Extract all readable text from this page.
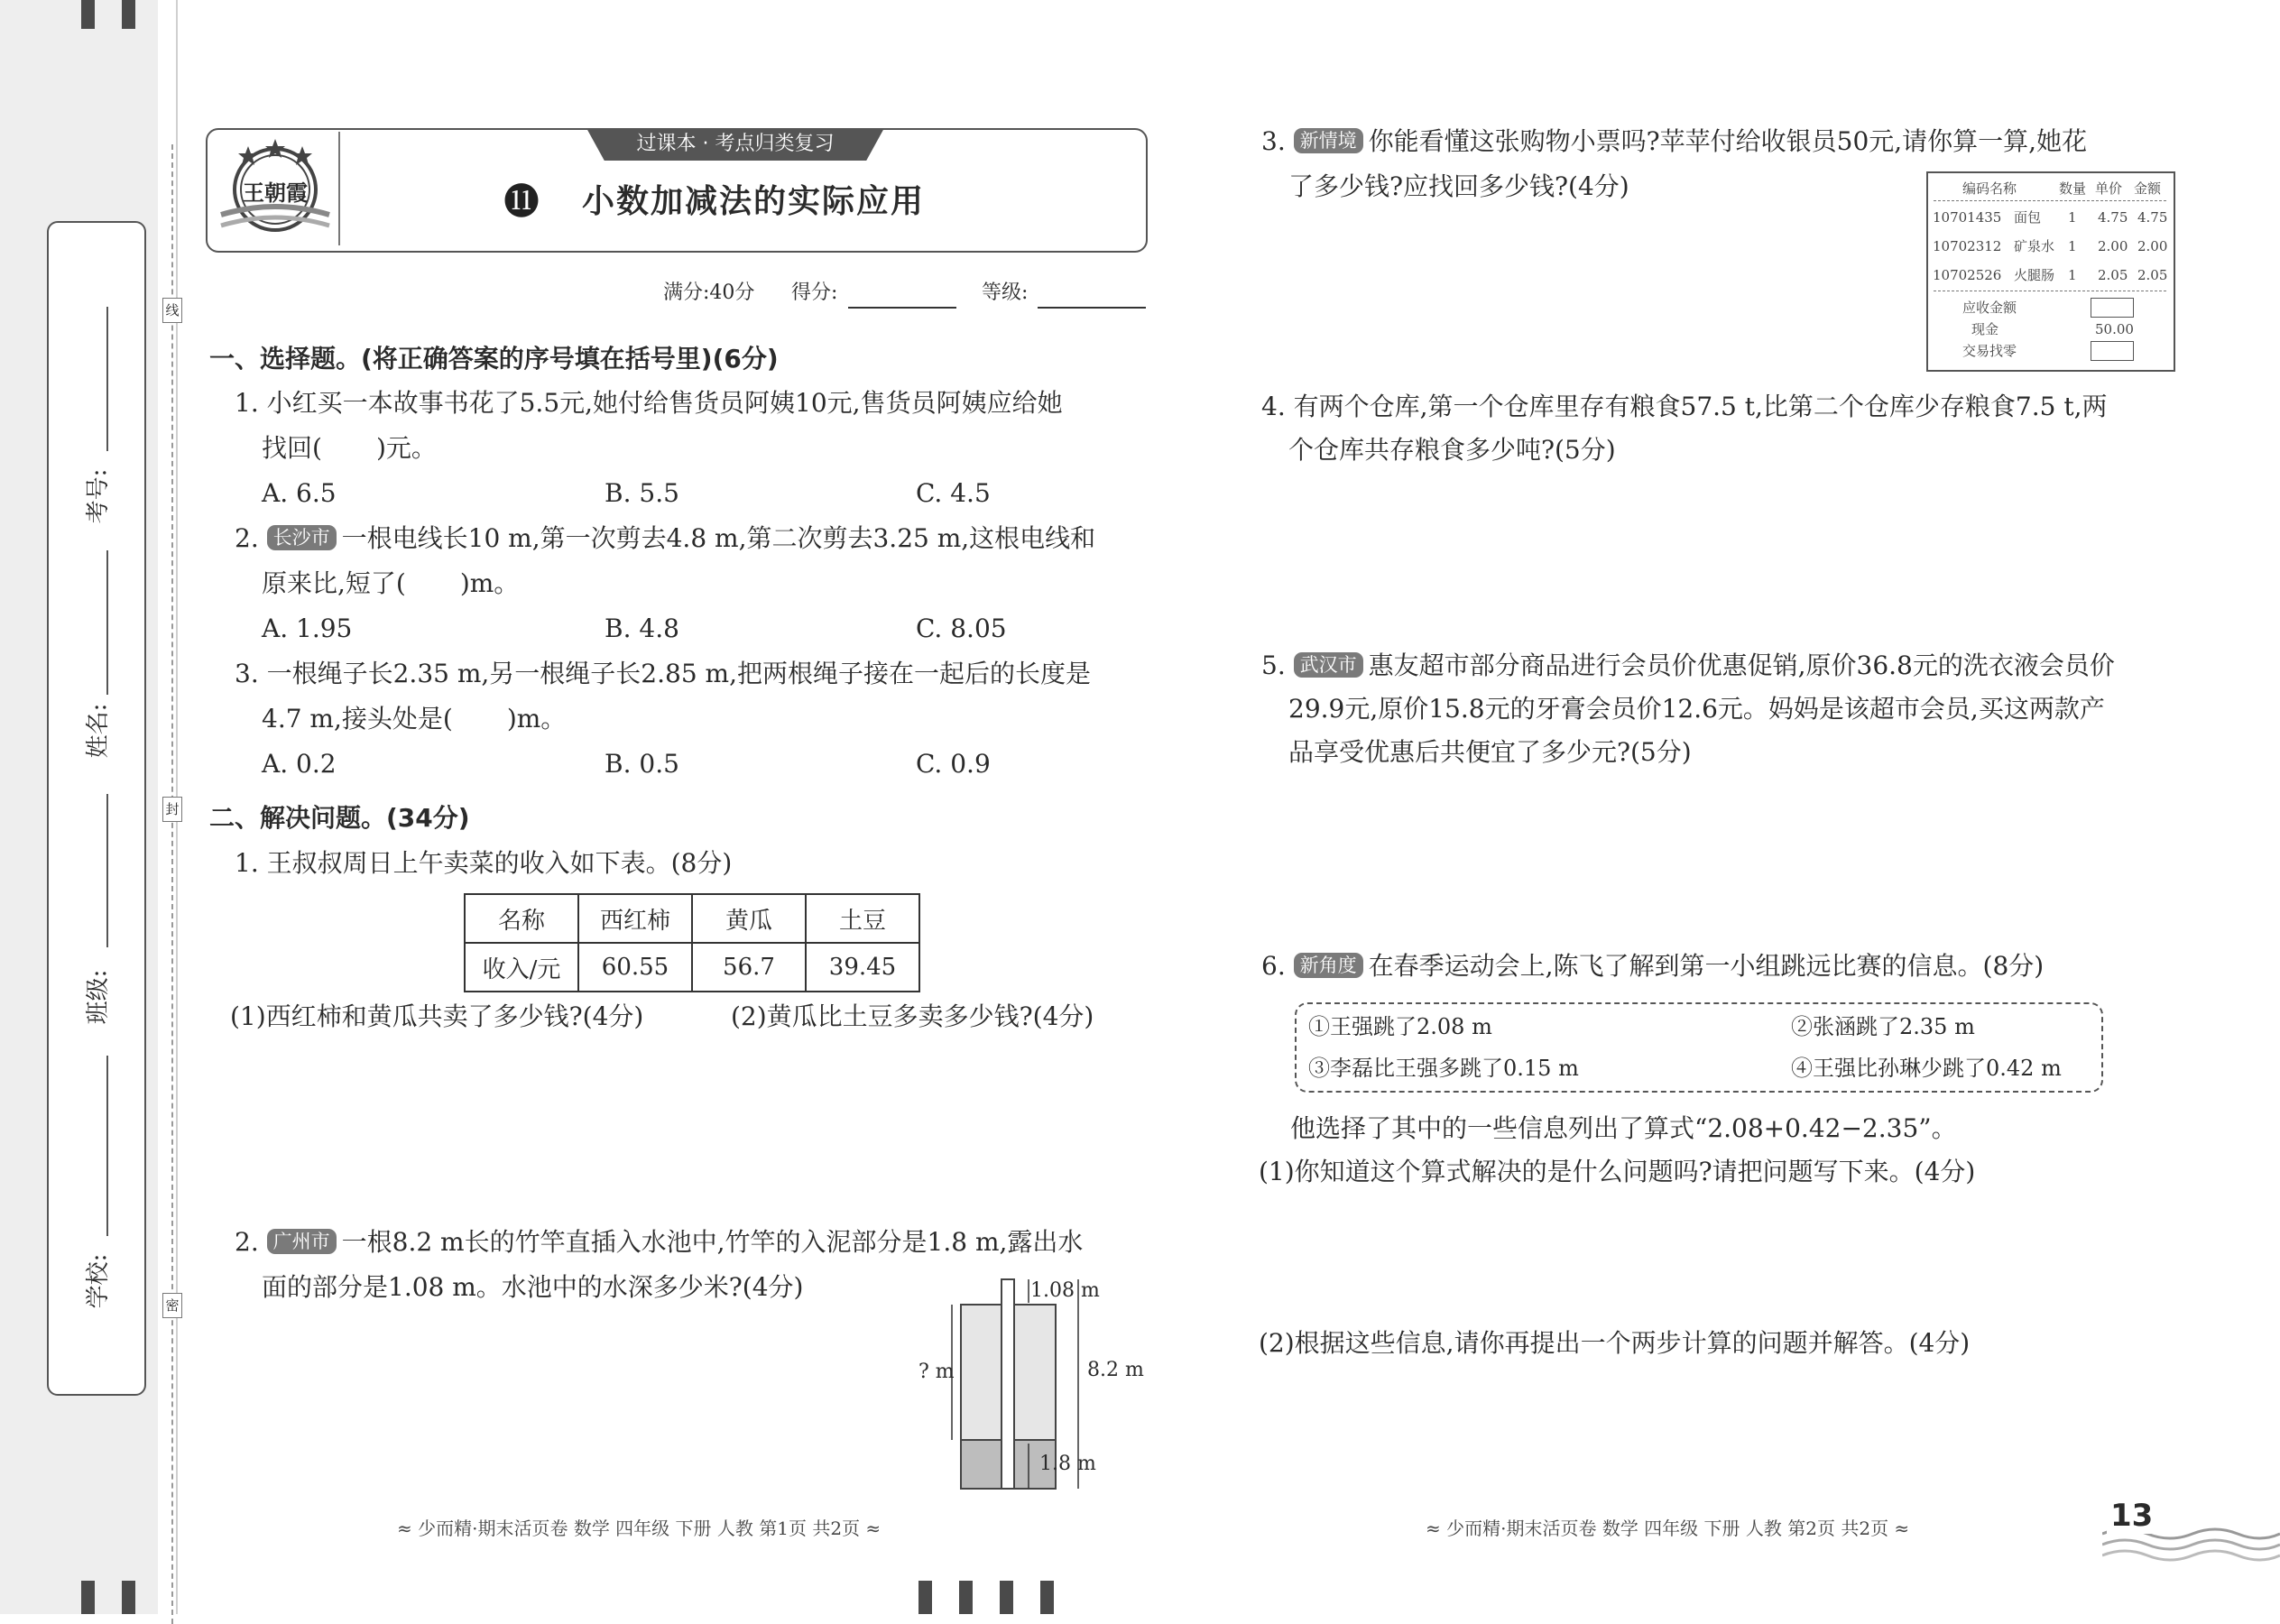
线
封
密
考号:
姓名:
班级:
学校:
王朝霞
过课本 · 考点归类复习
⓫ 小数加减法的实际应用
满分:40分 得分:	等级:
一、选择题。(将正确答案的序号填在括号里)(6分)
1. 小红买一本故事书花了5.5元,她付给售货员阿姨10元,售货员阿姨应给她
找回( )元。
A. 6.5	B. 5.5	C. 4.5
2. 长沙市 一根电线长10 m,第一次剪去4.8 m,第二次剪去3.25 m,这根电线和
原来比,短了( )m。
A. 1.95	B. 4.8	C. 8.05
3. 一根绳子长2.35 m,另一根绳子长2.85 m,把两根绳子接在一起后的长度是
4.7 m,接头处是( )m。
A. 0.2	B. 0.5	C. 0.9
二、解决问题。(34分)
1. 王叔叔周日上午卖菜的收入如下表。(8分)
名称	西红柿	黄瓜	土豆
收入/元	60.55	56.7	39.45
(1)西红柿和黄瓜共卖了多少钱?(4分)	(2)黄瓜比土豆多卖多少钱?(4分)
2. 广州市 一根8.2 m长的竹竿直插入水池中,竹竿的入泥部分是1.8 m,露出水
面的部分是1.08 m。水池中的水深多少米?(4分)	1.08 m
8.2 m
? m
1.8 m
3. 新情境 你能看懂这张购物小票吗?苹苹付给收银员50元,请你算一算,她花
了多少钱?应找回多少钱?(4分)	编码名称	数量 单价 金额
10701435 面包 1 4.75 4.75
10702312 矿泉水 1 2.00 2.00
10702526 火腿肠 1 2.05 2.05
应收金额
现金	50.00
交易找零
4. 有两个仓库,第一个仓库里存有粮食57.5 t,比第二个仓库少存粮食7.5 t,两
个仓库共存粮食多少吨?(5分)
5. 武汉市 惠友超市部分商品进行会员价优惠促销,原价36.8元的洗衣液会员价
29.9元,原价15.8元的牙膏会员价12.6元。妈妈是该超市会员,买这两款产
品享受优惠后共便宜了多少元?(5分)
6. 新角度 在春季运动会上,陈飞了解到第一小组跳远比赛的信息。(8分)
①王强跳了2.08 m	②张涵跳了2.35 m
③李磊比王强多跳了0.15 m	④王强比孙琳少跳了0.42 m
他选择了其中的一些信息列出了算式“2.08+0.42−2.35”。
(1)你知道这个算式解决的是什么问题吗?请把问题写下来。(4分)
(2)根据这些信息,请你再提出一个两步计算的问题并解答。(4分)
≈ 少而精·期末活页卷 数学 四年级 下册 人教 第1页 共2页 ≈	≈ 少而精·期末活页卷 数学 四年级 下册 人教 第2页 共2页 ≈	13
